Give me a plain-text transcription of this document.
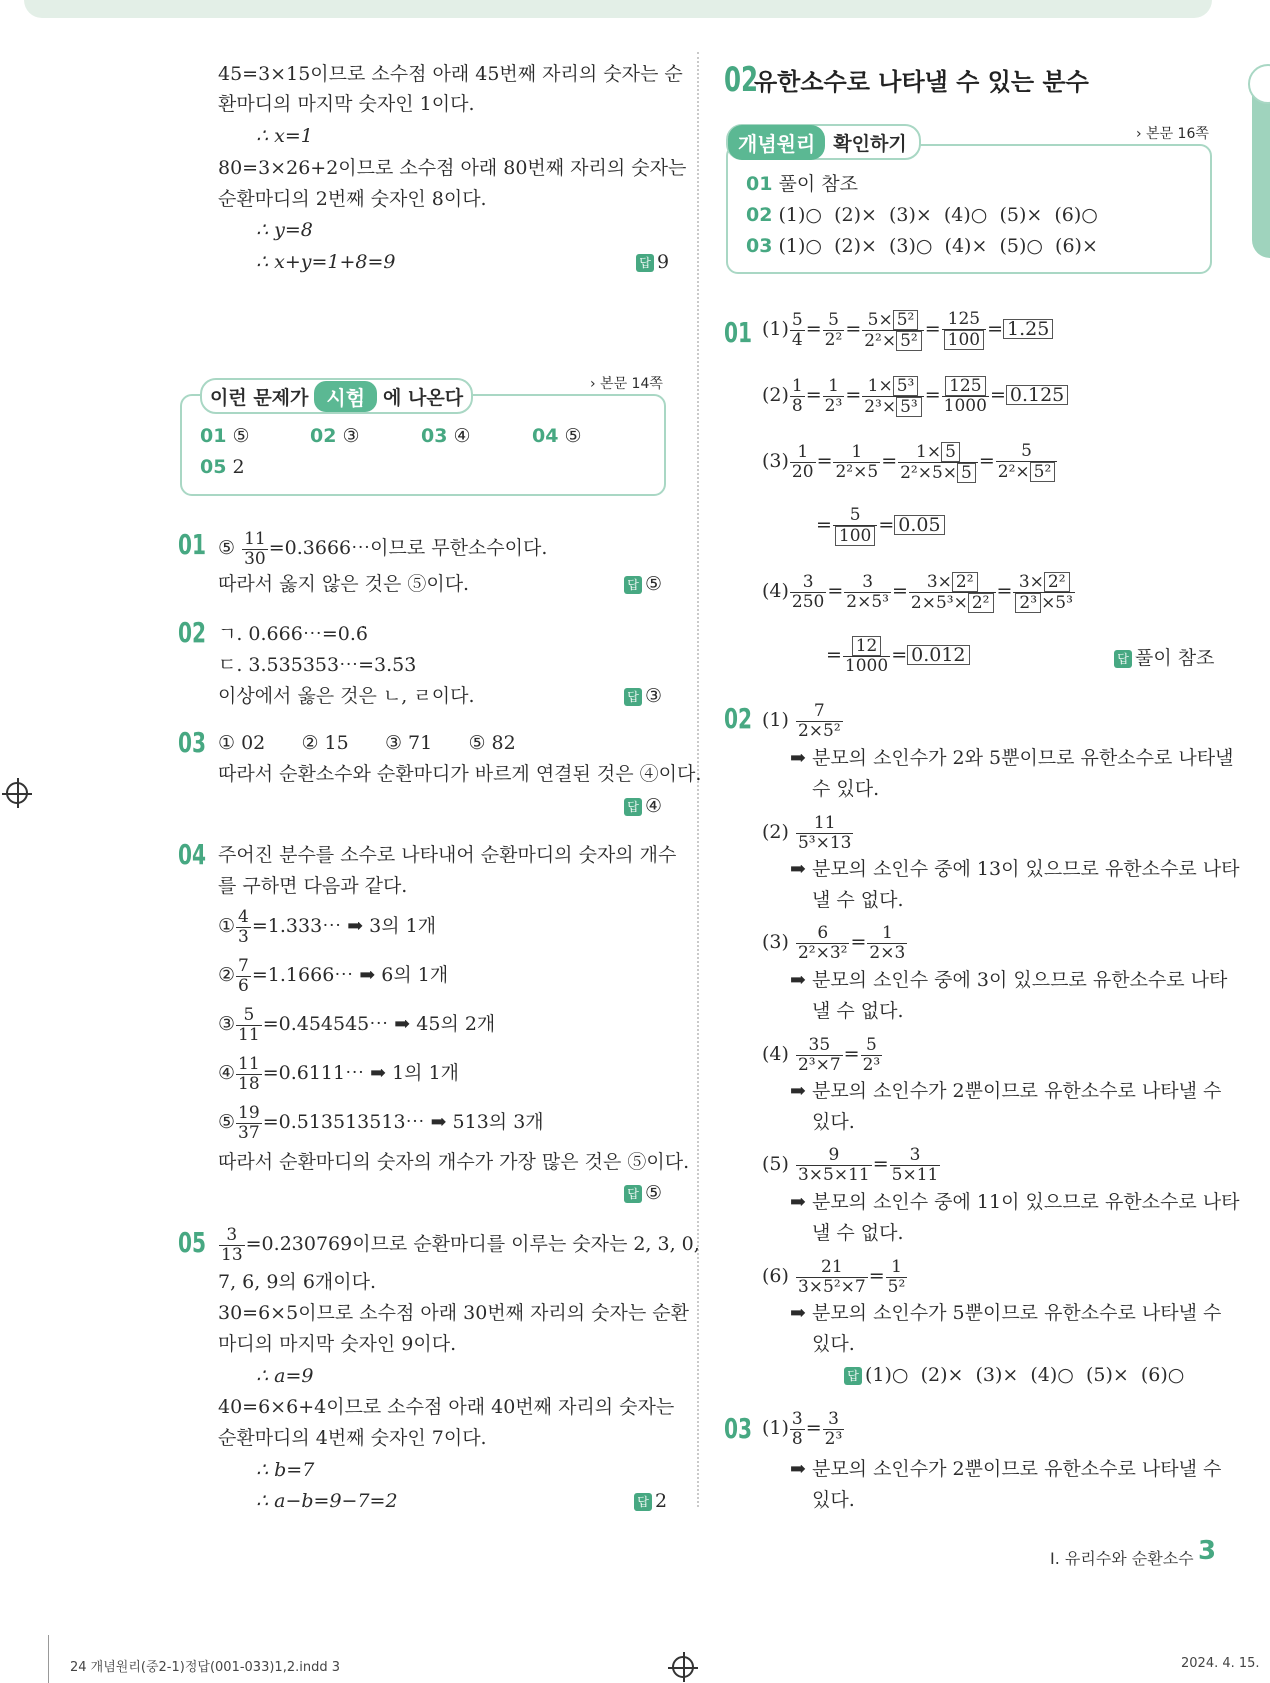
45=3×15이므로 소수점 아래 45번째 자리의 숫자는 순
환마디의 마지막 숫자인 1이다.
∴ x=1
80=3×26+2이므로 소수점 아래 80번째 자리의 숫자는
순환마디의 2번째 숫자인 8이다.
∴ y=8
∴ x+y=1+8=9	답 9
이런 문제가 시험 에 나온다
› 본문 14쪽
01 ⑤	02 ③	03 ④	04 ⑤
05 2
01 ⑤ $\frac{11}{30}$ =0.3666⋯이므로 무한소수이다.
따라서 옳지 않은 것은 ⑤이다.	답 ⑤
02 ㄱ. 0.666⋯=0.6̇
ㄷ. 3.535353⋯=3.5̇3̇
이상에서 옳은 것은 ㄴ, ㄹ이다.	답 ③
03 ① 02      ② 15      ③ 71      ⑤ 82
따라서 순환소수와 순환마디가 바르게 연결된 것은 ④이다.
답 ④
04 주어진 분수를 소수로 나타내어 순환마디의 숫자의 개수
를 구하면 다음과 같다.
① $\frac{4}{3}$ =1.333⋯ ➡ 3의 1개
② $\frac{7}{6}$ =1.1666⋯ ➡ 6의 1개
③ $\frac{5}{11}$ =0.454545⋯ ➡ 45의 2개
④ $\frac{11}{18}$ =0.6111⋯ ➡ 1의 1개
⑤ $\frac{19}{37}$ =0.513513513⋯ ➡ 513의 3개
따라서 순환마디의 숫자의 개수가 가장 많은 것은 ⑤이다.
답 ⑤
$05 \frac{3}{13}$ =0.2̇30769̇이므로 순환마디를 이루는 숫자는 2, 3, 0,
7, 6, 9의 6개이다.
30=6×5이므로 소수점 아래 30번째 자리의 숫자는 순환
마디의 마지막 숫자인 9이다.
∴ a=9
40=6×6+4이므로 소수점 아래 40번째 자리의 숫자는
순환마디의 4번째 숫자인 7이다.
∴ b=7
∴ a−b=9−7=2	답 2
02
유한소수로 나타낼 수 있는 분수
개념원리 확인하기	› 본문 16쪽
01 풀이 참조
02 (1)○  (2)×  (3)×  (4)○  (5)×  (6)○
03 (1)○  (2)×  (3)○  (4)×  (5)○  (6)×
01 $(1) \frac{5}{4} = \frac{5}{\text{2²}} = \frac{\text{5× 5²}}{\text{2²× 5²}} = \frac{125}{100} = 1.25$
$(2) \frac{1}{8} = \frac{1}{\text{2³}} = \frac{\text{1× 5³}}{\text{2³× 5³}} = \frac{125}{1000} = 0.125$
$(3) \frac{1}{20} = \frac{1}{\text{2²×5}} = \frac{1\times 5}{\text{2²×5× 5}} = \frac{5}{\text{2²× 5²}}$
= $\frac{5}{100} = 0.05$
$(4) \frac{3}{250} = \frac{3}{\text{2×5³}} = \frac{\text{3× 2²}}{\text{2×5³× 2²}} = \frac{\text{3× 2²}}{\text{2³ ×5³}}$
= $\frac{12}{1000} = 0.012$	답 풀이 참조
02 $(1) \frac{7}{\text{2×5²}}$
➡ 분모의 소인수가 2와 5뿐이므로 유한소수로 나타낼
수 있다.
$(2) \frac{11}{\text{5³×13}}$
➡ 분모의 소인수 중에 13이 있으므로 유한소수로 나타
낼 수 없다.
$(3) \frac{6}{\text{2²×3²}} = \frac{1}{2\times 3}$
➡ 분모의 소인수 중에 3이 있으므로 유한소수로 나타
낼 수 없다.
$(4) \frac{35}{\text{2³×7}} = \frac{5}{\text{2³}}$
➡ 분모의 소인수가 2뿐이므로 유한소수로 나타낼 수
있다.
$(5) \frac{9}{3\times 5\times 11} = \frac{3}{5\times 11}$
➡ 분모의 소인수 중에 11이 있으므로 유한소수로 나타
낼 수 없다.
$(6) \frac{21}{\text{3×5²×7}} = \frac{1}{\text{5²}}$
➡ 분모의 소인수가 5뿐이므로 유한소수로 나타낼 수
있다.
답 (1)○  (2)×  (3)×  (4)○  (5)×  (6)○
03 $(1) \frac{3}{8} = \frac{3}{\text{2³}}$
➡ 분모의 소인수가 2뿐이므로 유한소수로 나타낼 수
있다.
I. 유리수와 순환소수 3
24 개념원리(중2-1)정답(001-033)1,2.indd 3	2024. 4. 15.
